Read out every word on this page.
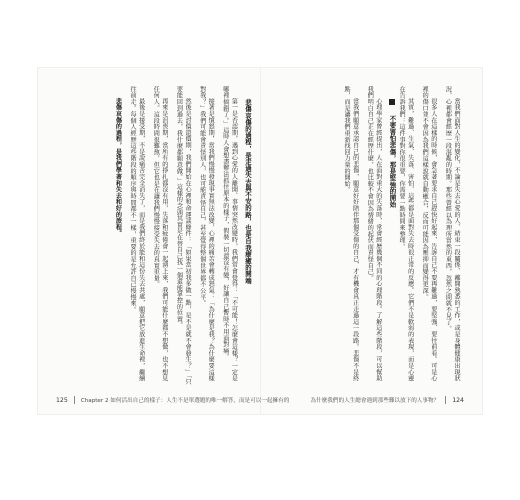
悲傷哀傷的過程，是走過失去與不安的路，也是自我療癒的開端

第一是否認期，遇到心愛的人離開、事情突然改變時，我們常會覺得：「不可能！怎麼會這樣？一定是哪裡搞錯了。」這時人會想盡辦法抓住原本的樣子，假裝一切還沒有變，好讓自己暫時不用面對痛。

接著是憤怒期，當我們慢慢發現事實無法改變，心裡的痛苦會轉成怒氣：「為什麼是我？為什麼要這樣對我？」我們可能會責怪別人，也可能責怪自己，甚至覺得整個世界都不公平。

然後是討價還價期，我們開始在心裡和命運談條件：「如果當初我多做一點，是不是就不會發生？」「只要能回到過去，我什麼都願意做。」這樣的念頭其實是在替自己找一個還能掌控的位置。

再來是沮喪期，當所有的掙扎都沒有用，失落和疲倦會一起湧上來，我們可能什麼都不想做，也不想見任何人。這段時間很難熬，但它也是在讓我們慢慢接受失去的真實重量。

最後是接受期，不是說痛苦完全消失了，而是我們終於能和這份失去共處，願意把它放進生命裡，繼續往前走。每個人經歷這些階段的順序與時間都不一樣，重要的是允許自己慢慢來。

悲傷哀傷的過程，是我們學著和失去和好的旅程。

125 Chapter 2 如何活出自己的樣子：人生不是單選題的唯一解答，而是可以一起擁有的

當我們面對人生的變化，不論是失去心愛的人、結束一段關係、離開熟悉的工作，或是身體健康出現狀況，心裡都會經歷一段混亂的時期。那些曾經以為理所當然的東西，忽然之間就不見了。

很多人在這樣的時候，會急著要求自己趕快好起來，告訴自己不要再難過，要堅強、要往前看。可是心裡的傷口並不會因為我們這樣說就自動癒合，反而可能因為壓抑而變得更深。

其實，難過、生氣、失落、害怕，這些都是面對失去時很正常的反應。它們不是軟弱的表現，而是心靈在告訴我們：這件事對你很重要，你需要一點時間來整理。

不要害怕悲傷，那是堅強的開始

心理學家曾經提出，人在面對重大的失落時，常會經歷幾個不同的心理階段。了解這些階段，可以幫助我們明白自己正在經歷什麼，也比較不會因為情緒的起伏而責怪自己。

當我們願意承認自己的悲傷，願意好好陪伴那個受傷的自己，才有機會真正走過這一段路。悲傷不是終點，而是讓我們重新找回力量的開始。

為什麼我們的人生總會遇到那些難以放下的人事物？ 124
